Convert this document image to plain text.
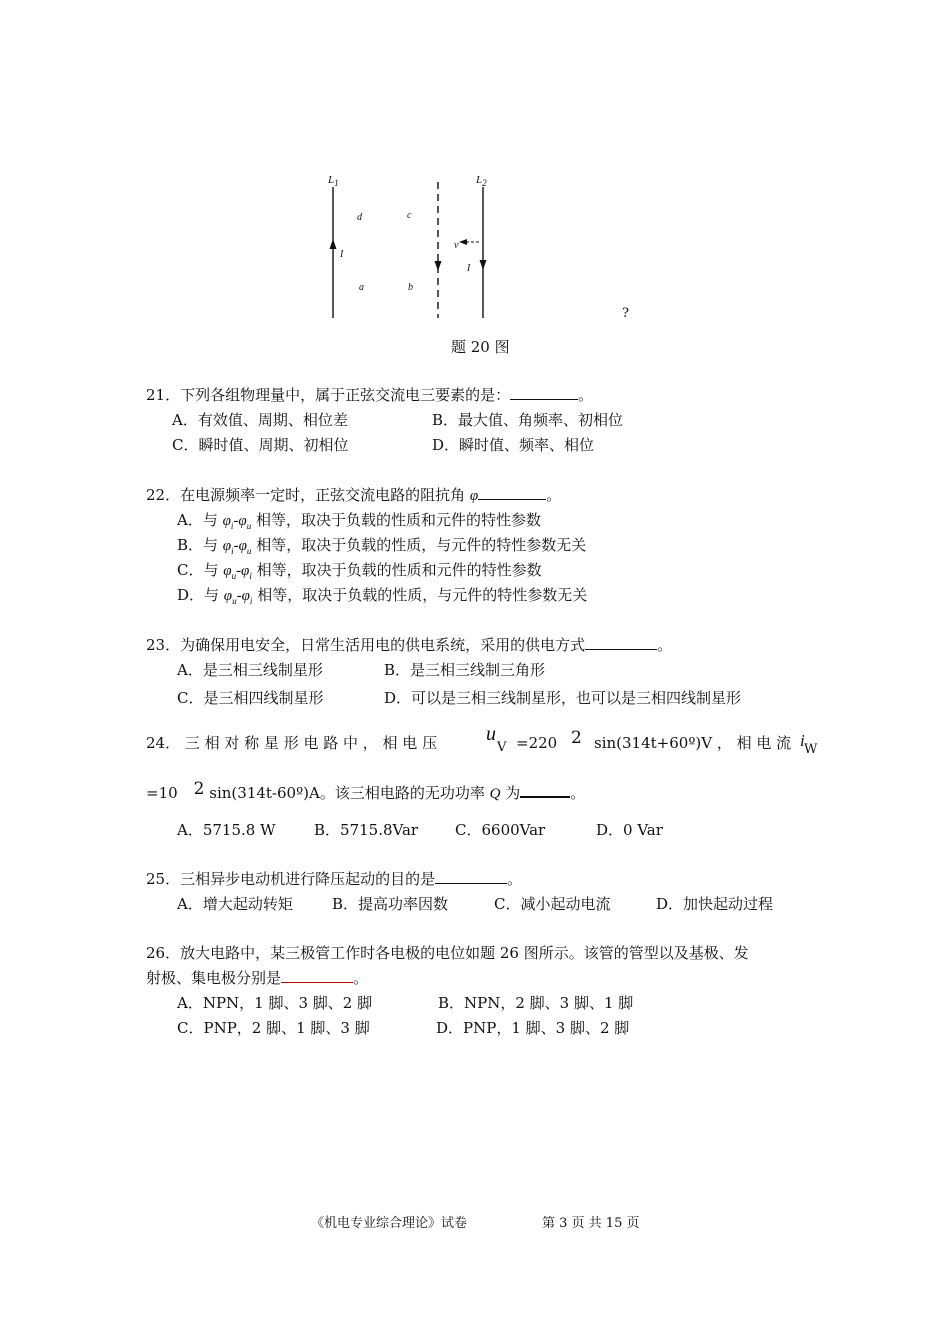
$L_1$	$L_2$
d	c
a	b
v
I
I
?
题 20 图
21．下列各组物理量中，属于正弦交流电三要素的是：	。
A．有效值、周期、相位差	B．最大值、角频率、初相位
C．瞬时值、周期、初相位	D．瞬时值、频率、相位
22．在电源频率一定时，正弦交流电路的阻抗角 φ	。
A．与 $\varphi_i-\varphi_u$ 相等，取决于负载的性质和元件的特性参数
B．与 $\varphi_i-\varphi_u$ 相等，取决于负载的性质，与元件的特性参数无关
C．与 $\varphi_u-\varphi_i$ 相等，取决于负载的性质和元件的特性参数
D．与 $\varphi_u-\varphi_i$ 相等，取决于负载的性质，与元件的特性参数无关
23．为确保用电安全，日常生活用电的供电系统，采用的供电方式	。
A．是三相三线制星形	B．是三相三线制三角形
C．是三相四线制星形	D．可以是三相三线制星形，也可以是三相四线制星形
24． 三 相 对 称 星 形 电 路 中 ， 相 电 压 u
V =220 2 sin(314t+60º)V ， 相 电 流 i W
=10 2 sin(314t-60º)A。该三相电路的无功功率 Q 为	。
A．5715.8 W	B．5715.8Var C．6600Var	D．0 Var
25．三相异步电动机进行降压起动的目的是	。
A．增大起动转矩	B．提高功率因数	C．减小起动电流	D．加快起动过程
26．放大电路中，某三极管工作时各电极的电位如题 26 图所示。该管的管型以及基极、发
射极、集电极分别是	。
A．NPN，1 脚、3 脚、2 脚	B．NPN，2 脚、3 脚、1 脚
C．PNP，2 脚、1 脚、3 脚	D．PNP，1 脚、3 脚、2 脚
《机电专业综合理论》试卷	第 3 页 共 15 页
